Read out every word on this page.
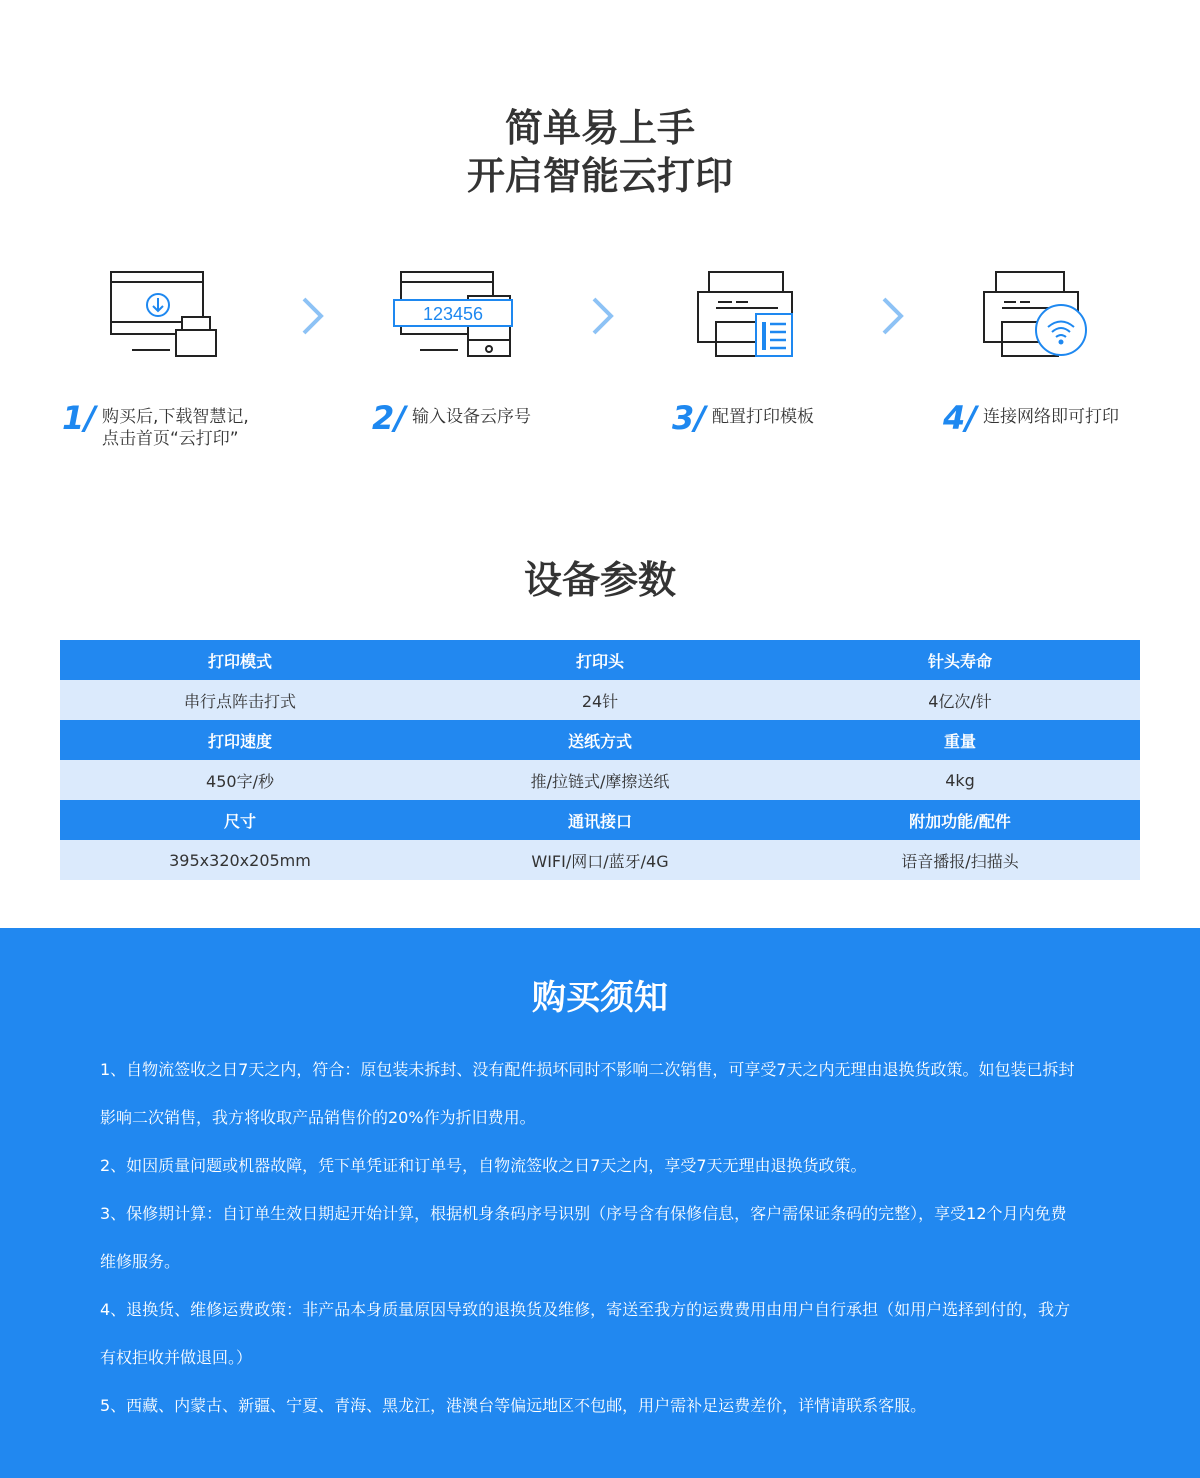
简单易上手
开启智能云打印
123456
1/ 购买后,下载智慧记,
点击首页“云打印”
2/ 输入设备云序号	3/ 配置打印模板	4/ 连接网络即可打印
设备参数
打印模式	打印头	针头寿命
串行点阵击打式	24针	4亿次/针
打印速度	送纸方式	重量
450字/秒	推/拉链式/摩擦送纸	4kg
尺寸	通讯接口	附加功能/配件
395x320x205mm	WIFI/网口/蓝牙/4G	语音播报/扫描头
购买须知
1、自物流签收之日7天之内，符合：原包装未拆封、没有配件损坏同时不影响二次销售，可享受7天之内无理由退换货政策。如包装已拆封
影响二次销售，我方将收取产品销售价的20%作为折旧费用。
2、如因质量问题或机器故障，凭下单凭证和订单号，自物流签收之日7天之内，享受7天无理由退换货政策。
3、保修期计算：自订单生效日期起开始计算，根据机身条码序号识别（序号含有保修信息，客户需保证条码的完整），享受12个月内免费
维修服务。
4、退换货、维修运费政策：非产品本身质量原因导致的退换货及维修，寄送至我方的运费费用由用户自行承担（如用户选择到付的，我方
有权拒收并做退回。）
5、西藏、内蒙古、新疆、宁夏、青海、黑龙江，港澳台等偏远地区不包邮，用户需补足运费差价，详情请联系客服。
